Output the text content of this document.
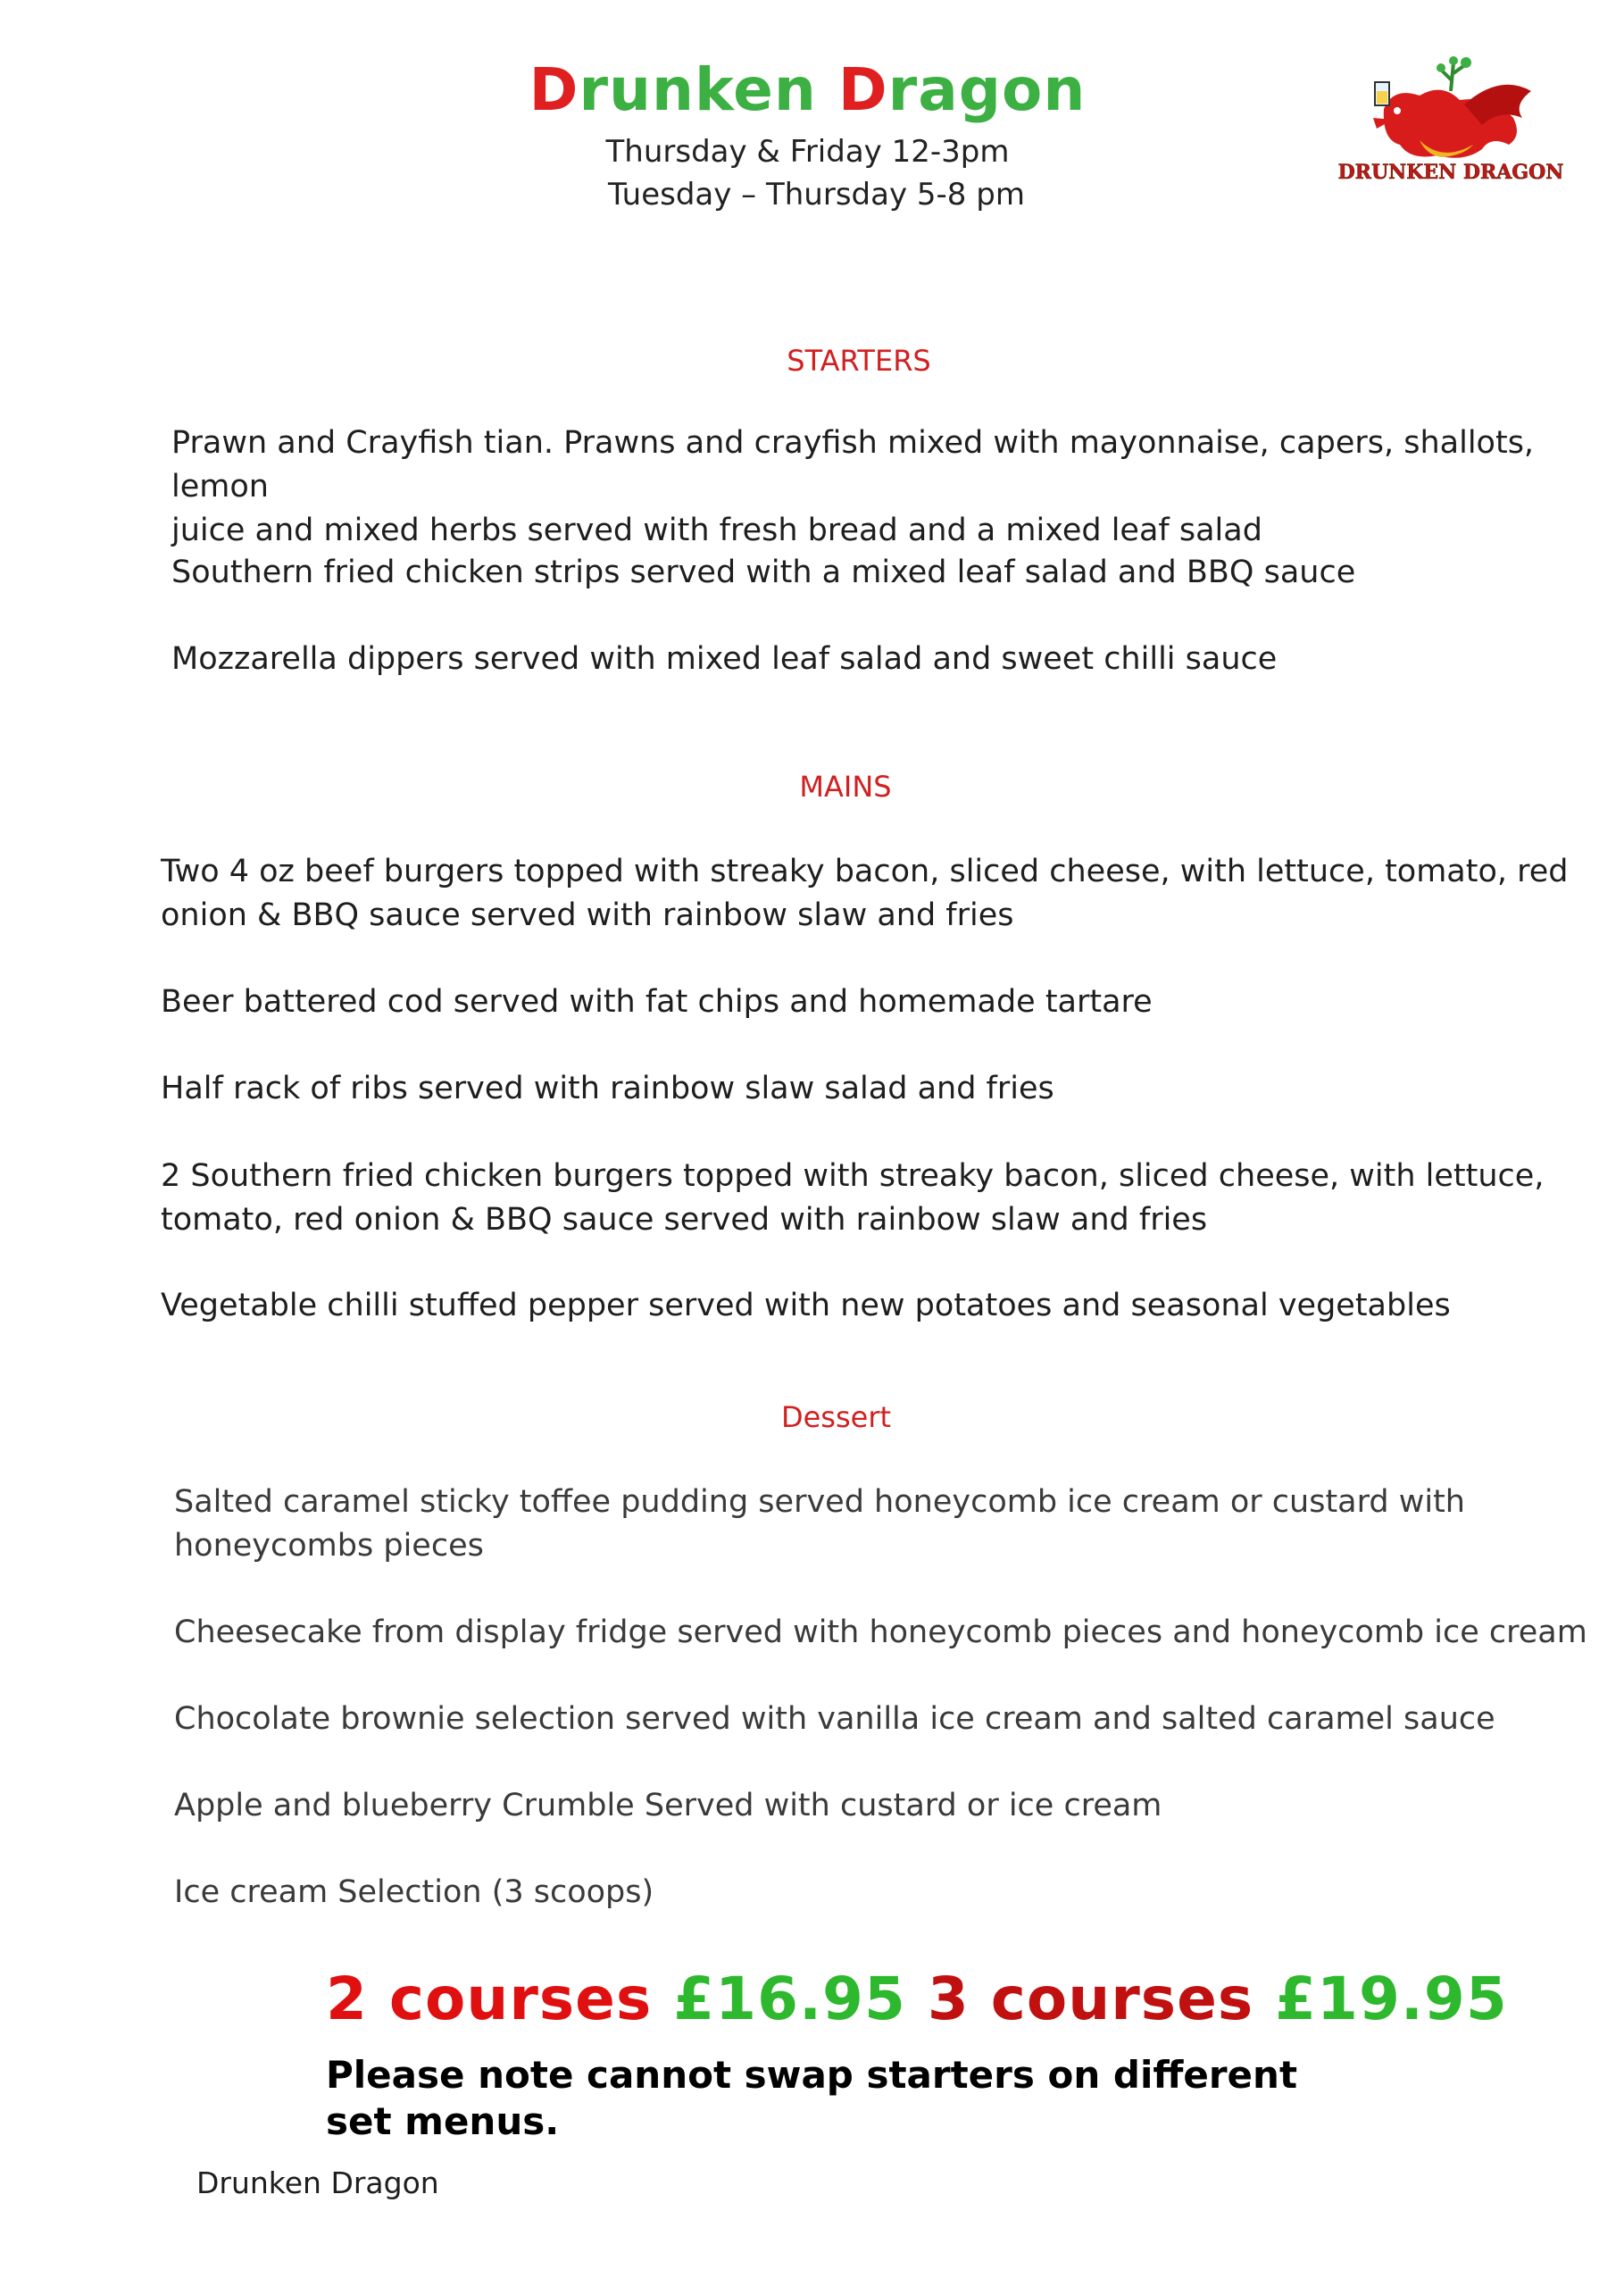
Drunken Dragon
Thursday & Friday 12-3pm
Tuesday – Thursday 5-8 pm
DRUNKEN DRAGON
STARTERS
Prawn and Crayfish tian. Prawns and crayfish mixed with mayonnaise, capers, shallots, lemon
juice and mixed herbs served with fresh bread and a mixed leaf salad
Southern fried chicken strips served with a mixed leaf salad and BBQ sauce
Mozzarella dippers served with mixed leaf salad and sweet chilli sauce
MAINS
Two 4 oz beef burgers topped with streaky bacon, sliced cheese, with lettuce, tomato, red
onion & BBQ sauce served with rainbow slaw and fries
Beer battered cod served with fat chips and homemade tartare
Half rack of ribs served with rainbow slaw salad and fries
2 Southern fried chicken burgers topped with streaky bacon, sliced cheese, with lettuce,
tomato, red onion & BBQ sauce served with rainbow slaw and fries
Vegetable chilli stuffed pepper served with new potatoes and seasonal vegetables
Dessert
Salted caramel sticky toffee pudding served honeycomb ice cream or custard with
honeycombs pieces
Cheesecake from display fridge served with honeycomb pieces and honeycomb ice cream
Chocolate brownie selection served with vanilla ice cream and salted caramel sauce
Apple and blueberry Crumble Served with custard or ice cream
Ice cream Selection (3 scoops)
2 courses £16.95 3 courses £19.95
Please note cannot swap starters on different set menus.
Drunken Dragon
